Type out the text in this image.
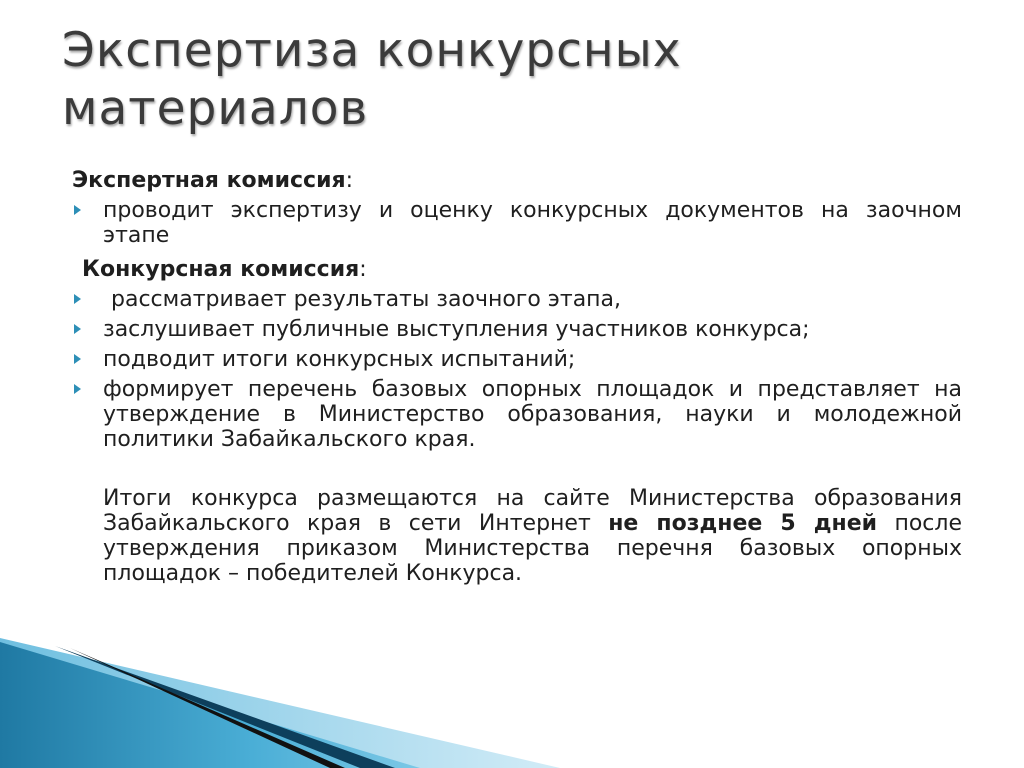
Экспертиза конкурсных материалов

Экспертная комиссия:

проводит экспертизу и оценку конкурсных документов на заочном этапе

Конкурсная комиссия:

рассматривает результаты заочного этапа,
заслушивает публичные выступления участников конкурса;
подводит итоги конкурсных испытаний;
формирует перечень базовых опорных площадок и представляет на утверждение в Министерство образования, науки и молодежной политики Забайкальского края.

Итоги конкурса размещаются на сайте Министерства образования Забайкальского края в сети Интернет не позднее 5 дней после утверждения приказом Министерства перечня базовых опорных площадок – победителей Конкурса.
